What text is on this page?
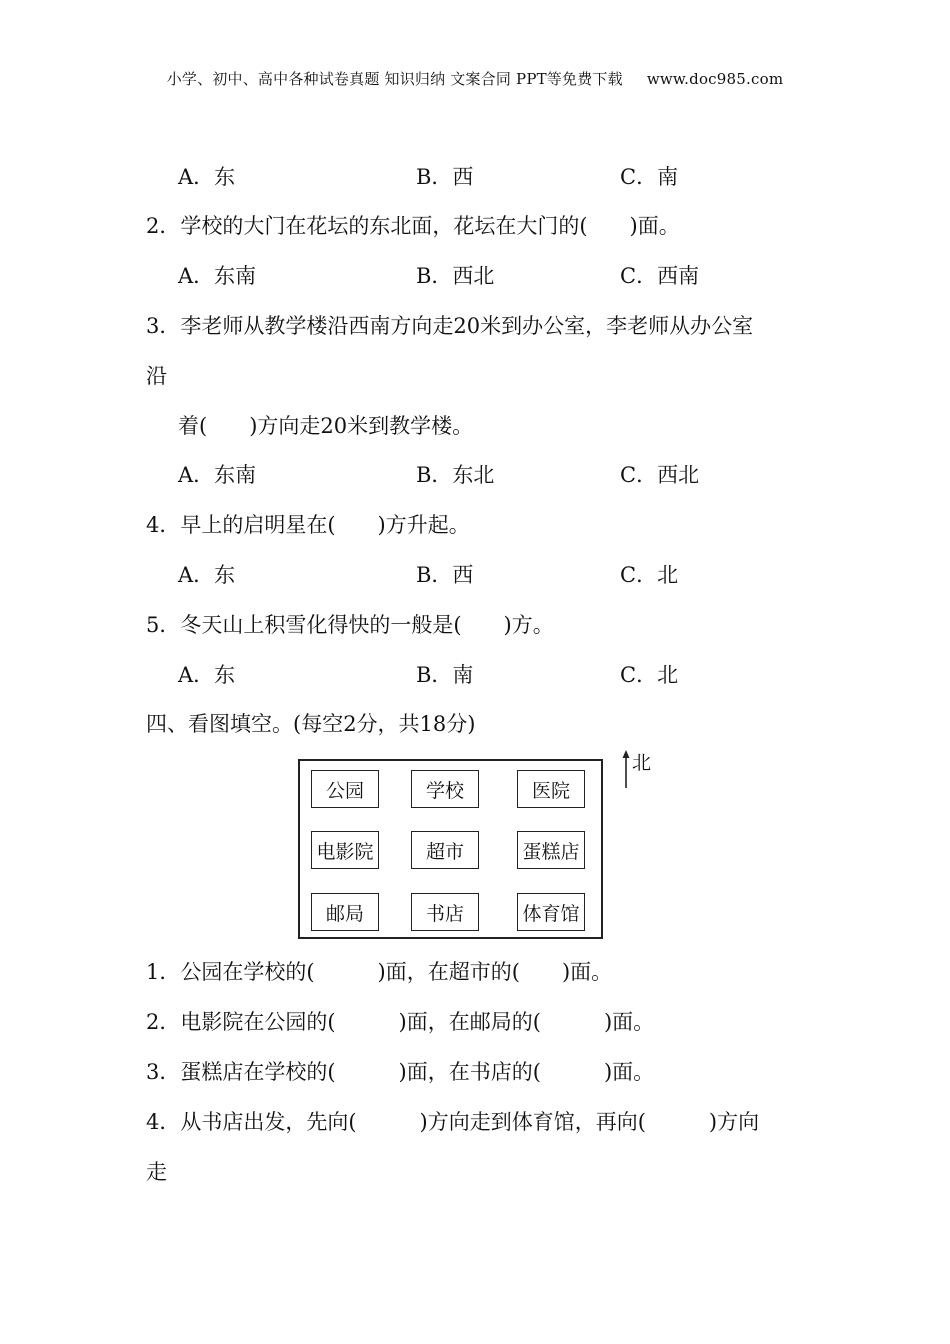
小学、初中、高中各种试卷真题 知识归纳 文案合同 PPT等免费下载 www.doc985.com
A．东	B．西	C．南
2．学校的大门在花坛的东北面，花坛在大门的(　　)面。
A．东南	B．西北	C．西南
3．李老师从教学楼沿西南方向走20米到办公室，李老师从办公室
沿
着(　　)方向走20米到教学楼。
A．东南	B．东北	C．西北
4．早上的启明星在(　　)方升起。
A．东	B．西	C．北
5．冬天山上积雪化得快的一般是(　　)方。
A．东	B．南	C．北
四、看图填空。(每空2分，共18分)
公园	学校	医院
电影院	超市	蛋糕店
邮局	书店	体育馆
北
1．公园在学校的(　　　)面，在超市的(　　)面。
2．电影院在公园的(　　　)面，在邮局的(　　　)面。
3．蛋糕店在学校的(　　　)面，在书店的(　　　)面。
4．从书店出发，先向(　　　)方向走到体育馆，再向(　　　)方向
走
